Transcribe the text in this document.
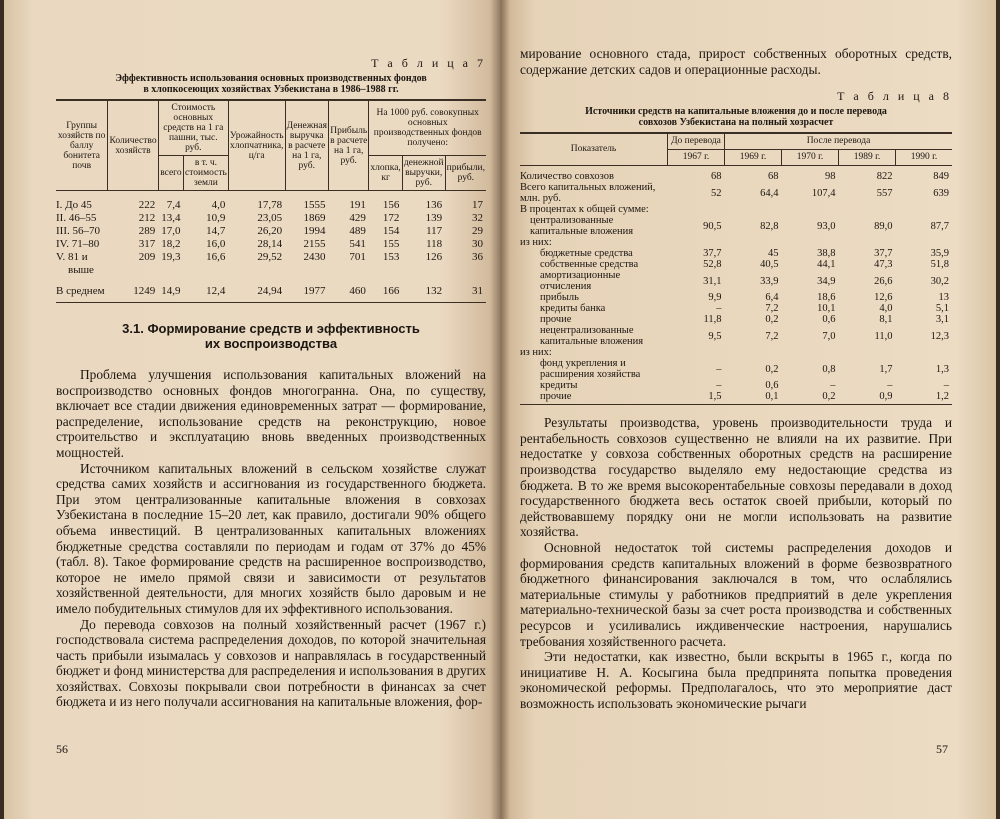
Т а б л и ц а 7

Эффективность использования основных производственных фондов
в хлопкосеющих хозяйствах Узбекистана в 1986–1988 гг.
Группы хозяйств по баллу бонитета почв	Количество хозяйств	Стоимость основных средств на 1 га пашни, тыс. руб.		Урожайность хлопчатника, ц/га	Денежная выручка в расчете на 1 га, руб.	Прибыль в расчете на 1 га, руб.	На 1000 руб. совокупных основных производственных фондов получено:		
		всего	в т. ч. стоимость земли				хлопка, кг	денежной выручки, руб.	прибыли, руб.

I. До 45	222	7,4	4,0	17,78	1555	191	156	136	17
II. 46–55	212	13,4	10,9	23,05	1869	429	172	139	32
III. 56–70	289	17,0	14,7	26,20	1994	489	154	117	29
IV. 71–80	317	18,2	16,0	28,14	2155	541	155	118	30
V. 81 и	209	19,3	16,6	29,52	2430	701	153	126	36
выше									

В среднем	1249	14,9	12,4	24,94	1977	460	166	132	31
3.1. Формирование средств и эффективность
их воспроизводства

Проблема улучшения использования капитальных вложений на воспроизводство основных фондов многогранна. Она, по существу, включает все стадии движения единовременных затрат — формирование, распределение, использование средств на реконструкцию, новое строительство и эксплуатацию вновь введенных производственных мощностей.

Источником капитальных вложений в сельском хозяйстве служат средства самих хозяйств и ассигнования из государственного бюджета. При этом централизованные капитальные вложения в совхозах Узбекистана в последние 15–20 лет, как правило, достигали 90% общего объема инвестиций. В централизованных капитальных вложениях бюджетные средства составляли по периодам и годам от 37% до 45% (табл. 8). Такое формирование средств на расширенное воспроизводство, которое не имело прямой связи и зависимости от результатов хозяйственной деятельности, для многих хозяйств было даровым и не имело побудительных стимулов для их эффективного использования.

До перевода совхозов на полный хозяйственный расчет (1967 г.) господствовала система распределения доходов, по которой значительная часть прибыли изымалась у совхозов и направлялась в государственный бюджет и фонд министерства для распределения и использования в других хозяйствах. Совхозы покрывали свои потребности в финансах за счет бюджета и из него получали ассигнования на капитальные вложения, фор-

56

мирование основного стада, прирост собственных оборотных средств, содержание детских садов и операционные расходы.

Т а б л и ц а 8

Источники средств на капитальные вложения до и после перевода
совхозов Узбекистана на полный хозрасчет
Показатель	До перевода	После перевода			
	1967 г.	1969 г.	1970 г.	1989 г.	1990 г.

Количество совхозов	68	68	98	822	849
Всего капитальных вложений, млн. руб.	52	64,4	107,4	557	639
В процентах к общей сумме:					
централизованные капитальные вложения	90,5	82,8	93,0	89,0	87,7
из них:					
бюджетные средства	37,7	45	38,8	37,7	35,9
собственные средства	52,8	40,5	44,1	47,3	51,8
амортизационные отчисления	31,1	33,9	34,9	26,6	30,2
прибыль	9,9	6,4	18,6	12,6	13
кредиты банка	–	7,2	10,1	4,0	5,1
прочие	11,8	0,2	0,6	8,1	3,1
нецентрализованные капитальные вложения	9,5	7,2	7,0	11,0	12,3
из них:					
фонд укрепления и расширения хозяйства	–	0,2	0,8	1,7	1,3
кредиты	–	0,6	–	–	–
прочие	1,5	0,1	0,2	0,9	1,2

Результаты производства, уровень производительности труда и рентабельность совхозов существенно не влияли на их развитие. При недостатке у совхоза собственных оборотных средств на расширение производства государство выделяло ему недостающие средства из бюджета. В то же время высокорентабельные совхозы передавали в доход государственного бюджета весь остаток своей прибыли, который по действовавшему порядку они не могли использовать на развитие хозяйства.

Основной недостаток той системы распределения доходов и формирования средств капитальных вложений в форме безвозвратного бюджетного финансирования заключался в том, что ослаблялись материальные стимулы у работников предприятий в деле укрепления материально-технической базы за счет роста производства и собственных ресурсов и усиливались иждивенческие настроения, нарушались требования хозяйственного расчета.

Эти недостатки, как известно, были вскрыты в 1965 г., когда по инициативе Н. А. Косыгина была предпринята попытка проведения экономической реформы. Предполагалось, что это мероприятие даст возможность использовать экономические рычаги

57
